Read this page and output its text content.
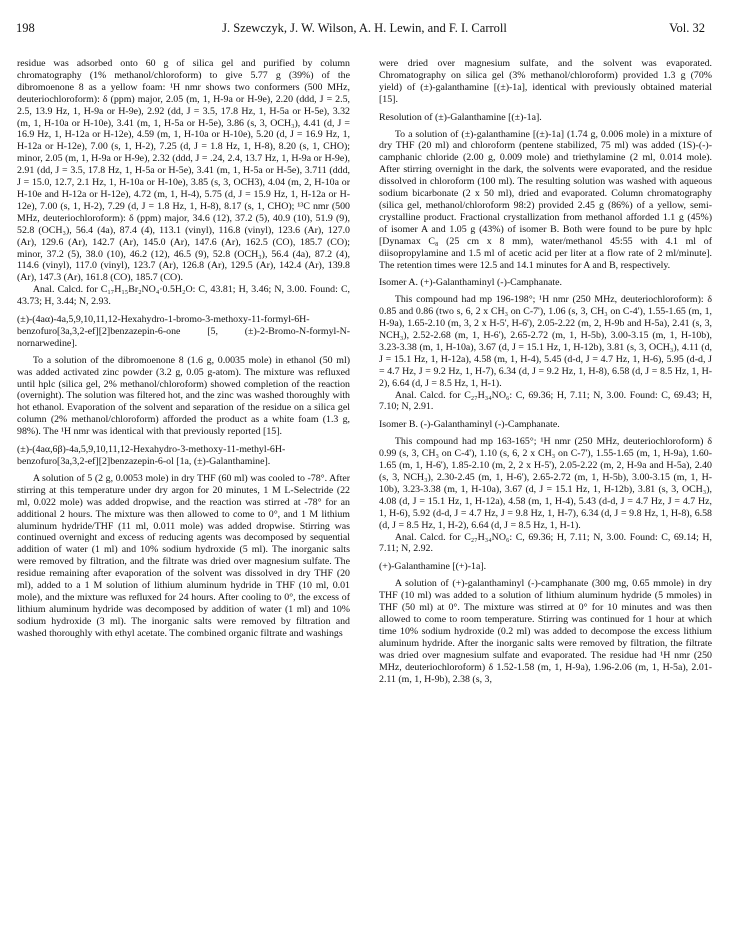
198	J. Szewczyk, J. W. Wilson, A. H. Lewin, and F. I. Carroll	Vol. 32

residue was adsorbed onto 60 g of silica gel and purified by column chromatography (1% methanol/chloroform) to give 5.77 g (39%) of the dibromoenone 8 as a yellow foam: ¹H nmr shows two conformers (500 MHz, deuteriochloroform): δ (ppm) major, 2.05 (m, 1, H-9a or H-9e), 2.20 (ddd, J = 2.5, 2.5, 13.9 Hz, 1, H-9a or H-9e), 2.92 (dd, J = 3.5, 17.8 Hz, 1, H-5a or H-5e), 3.32 (m, 1, H-10a or H-10e), 3.41 (m, 1, H-5a or H-5e), 3.86 (s, 3, OCH₃), 4.41 (d, J = 16.9 Hz, 1, H-12a or H-12e), 4.59 (m, 1, H-10a or H-10e), 5.20 (d, J = 16.9 Hz, 1, H-12a or H-12e), 7.00 (s, 1, H-2), 7.25 (d, J = 1.8 Hz, 1, H-8), 8.20 (s, 1, CHO); minor, 2.05 (m, 1, H-9a or H-9e), 2.32 (ddd, J = .24, 2.4, 13.7 Hz, 1, H-9a or H-9e), 2.91 (dd, J = 3.5, 17.8 Hz, 1, H-5a or H-5e), 3.41 (m, 1, H-5a or H-5e), 3.711 (ddd, J = 15.0, 12.7, 2.1 Hz, 1, H-10a or H-10e), 3.85 (s, 3, OCH3), 4.04 (m, 2, H-10a or H-10e and H-12a or H-12e), 4.72 (m, 1, H-4), 5.75 (d, J = 15.9 Hz, 1, H-12a or H-12e), 7.00 (s, 1, H-2), 7.29 (d, J = 1.8 Hz, 1, H-8), 8.17 (s, 1, CHO); ¹³C nmr (500 MHz, deuteriochloroform): δ (ppm) major, 34.6 (12), 37.2 (5), 40.9 (10), 51.9 (9), 52.8 (OCH₃), 56.4 (4a), 87.4 (4), 113.1 (vinyl), 116.8 (vinyl), 123.6 (Ar), 127.0 (Ar), 129.6 (Ar), 142.7 (Ar), 145.0 (Ar), 147.6 (Ar), 162.5 (CO), 185.7 (CO); minor, 37.2 (5), 38.0 (10), 46.2 (12), 46.5 (9), 52.8 (OCH₃), 56.4 (4a), 87.2 (4), 114.6 (vinyl), 117.0 (vinyl), 123.7 (Ar), 126.8 (Ar), 129.5 (Ar), 142.4 (Ar), 139.8 (Ar), 147.3 (Ar), 161.8 (CO), 185.7 (CO).

Anal. Calcd. for C₁₇H₁₅Br₂NO₄·0.5H₂O: C, 43.81; H, 3.46; N, 3.00. Found: C, 43.73; H, 3.44; N, 2.93.

(±)-(4aα)-4a,5,9,10,11,12-Hexahydro-1-bromo-3-methoxy-11-formyl-6H-benzofuro[3a,3,2-ef][2]benzazepin-6-one [5, (±)-2-Bromo-N-formyl-N-nornarwedine].

To a solution of the dibromoenone 8 (1.6 g, 0.0035 mole) in ethanol (50 ml) was added activated zinc powder (3.2 g, 0.05 g-atom). The mixture was refluxed until hplc (silica gel, 2% methanol/chloroform) showed completion of the reaction (overnight). The solution was filtered hot, and the zinc was washed thoroughly with hot ethanol. Evaporation of the solvent and separation of the residue on a silica gel column (2% methanol/chloroform) afforded the product as a white foam (1.3 g, 98%). The ¹H nmr was identical with that previously reported [15].

(±)-(4aα,6β)-4a,5,9,10,11,12-Hexahydro-3-methoxy-11-methyl-6H-benzofuro[3a,3,2-ef][2]benzazepin-6-ol [1a, (±)-Galanthamine].

A solution of 5 (2 g, 0.0053 mole) in dry THF (60 ml) was cooled to -78°. After stirring at this temperature under dry argon for 20 minutes, 1 M L-Selectride (22 ml, 0.022 mole) was added dropwise, and the reaction was stirred at -78° for an additional 2 hours. The mixture was then allowed to come to 0°, and 1 M lithium aluminum hydride/THF (11 ml, 0.011 mole) was added dropwise. Stirring was continued overnight and excess of reducing agents was decomposed by sequential addition of water (1 ml) and 10% sodium hydroxide (5 ml). The inorganic salts were removed by filtration, and the filtrate was dried over magnesium sulfate. The residue remaining after evaporation of the solvent was dissolved in dry THF (20 ml), added to a 1 M solution of lithium aluminum hydride in THF (10 ml, 0.01 mole), and the mixture was refluxed for 24 hours. After cooling to 0°, the excess of lithium aluminum hydride was decomposed by addition of water (1 ml) and 10% sodium hydroxide (3 ml). The inorganic salts were removed by filtration and washed thoroughly with ethyl acetate. The combined organic filtrate and washings

were dried over magnesium sulfate, and the solvent was evaporated. Chromatography on silica gel (3% methanol/chloroform) provided 1.3 g (70% yield) of (±)-galanthamine [(±)-1a], identical with previously obtained material [15].

Resolution of (±)-Galanthamine [(±)-1a].

To a solution of (±)-galanthamine [(±)-1a] (1.74 g, 0.006 mole) in a mixture of dry THF (20 ml) and chloroform (pentene stabilized, 75 ml) was added (1S)-(-)-camphanic chloride (2.00 g, 0.009 mole) and triethylamine (2 ml, 0.014 mole). After stirring overnight in the dark, the solvents were evaporated, and the residue dissolved in chloroform (100 ml). The resulting solution was washed with aqueous sodium bicarbonate (2 x 50 ml), dried and evaporated. Column chromatography (silica gel, methanol/chloroform 98:2) provided 2.45 g (86%) of a yellow, semi-crystalline product. Fractional crystallization from methanol afforded 1.1 g (45%) of isomer A and 1.05 g (43%) of isomer B. Both were found to be pure by hplc [Dynamax C₈ (25 cm x 8 mm), water/methanol 45:55 with 4.1 ml of diisopropylamine and 1.5 ml of acetic acid per liter at a flow rate of 2 ml/minute]. The retention times were 12.5 and 14.1 minutes for A and B, respectively.

Isomer A. (+)-Galanthaminyl (-)-Camphanate.

This compound had mp 196-198°; ¹H nmr (250 MHz, deuteriochloroform): δ 0.85 and 0.86 (two s, 6, 2 x CH₃ on C-7'), 1.06 (s, 3, CH₃ on C-4'), 1.55-1.65 (m, 1, H-9a), 1.65-2.10 (m, 3, 2 x H-5', H-6'), 2.05-2.22 (m, 2, H-9b and H-5a), 2.41 (s, 3, NCH₃), 2.52-2.68 (m, 1, H-6'), 2.65-2.72 (m, 1, H-5b), 3.00-3.15 (m, 1, H-10b), 3.23-3.38 (m, 1, H-10a), 3.67 (d, J = 15.1 Hz, 1, H-12b), 3.81 (s, 3, OCH₃), 4.11 (d, J = 15.1 Hz, 1, H-12a), 4.58 (m, 1, H-4), 5.45 (d-d, J = 4.7 Hz, 1, H-6), 5.95 (d-d, J = 4.7 Hz, J = 9.2 Hz, 1, H-7), 6.34 (d, J = 9.2 Hz, 1, H-8), 6.58 (d, J = 8.5 Hz, 1, H-2), 6.64 (d, J = 8.5 Hz, 1, H-1).

Anal. Calcd. for C₂₇H₃₄NO₆: C, 69.36; H, 7.11; N, 3.00. Found: C, 69.43; H, 7.10; N, 2.91.

Isomer B. (-)-Galanthaminyl (-)-Camphanate.

This compound had mp 163-165°; ¹H nmr (250 MHz, deuteriochloroform) δ 0.99 (s, 3, CH₃ on C-4'), 1.10 (s, 6, 2 x CH₃ on C-7'), 1.55-1.65 (m, 1, H-9a), 1.60-1.65 (m, 1, H-6'), 1.85-2.10 (m, 2, 2 x H-5'), 2.05-2.22 (m, 2, H-9a and H-5a), 2.40 (s, 3, NCH₃), 2.30-2.45 (m, 1, H-6'), 2.65-2.72 (m, 1, H-5b), 3.00-3.15 (m, 1, H-10b), 3.23-3.38 (m, 1, H-10a), 3.67 (d, J = 15.1 Hz, 1, H-12b), 3.81 (s, 3, OCH₃), 4.08 (d, J = 15.1 Hz, 1, H-12a), 4.58 (m, 1, H-4), 5.43 (d-d, J = 4.7 Hz, J = 4.7 Hz, 1, H-6), 5.92 (d-d, J = 4.7 Hz, J = 9.8 Hz, 1, H-7), 6.34 (d, J = 9.8 Hz, 1, H-8), 6.58 (d, J = 8.5 Hz, 1, H-2), 6.64 (d, J = 8.5 Hz, 1, H-1).

Anal. Calcd. for C₂₇H₃₄NO₆: C, 69.36; H, 7.11; N, 3.00. Found: C, 69.14; H, 7.11; N, 2.92.

(+)-Galanthamine [(+)-1a].

A solution of (+)-galanthaminyl (-)-camphanate (300 mg, 0.65 mmole) in dry THF (10 ml) was added to a solution of lithium aluminum hydride (5 mmoles) in THF (50 ml) at 0°. The mixture was stirred at 0° for 10 minutes and was then allowed to come to room temperature. Stirring was continued for 1 hour at which time 10% sodium hydroxide (0.2 ml) was added to decompose the excess lithium aluminum hydride. After the inorganic salts were removed by filtration, the filtrate was dried over magnesium sulfate and evaporated. The residue had ¹H nmr (250 MHz, deuteriochloroform) δ 1.52-1.58 (m, 1, H-9a), 1.96-2.06 (m, 1, H-5a), 2.01-2.11 (m, 1, H-9b), 2.38 (s, 3,
